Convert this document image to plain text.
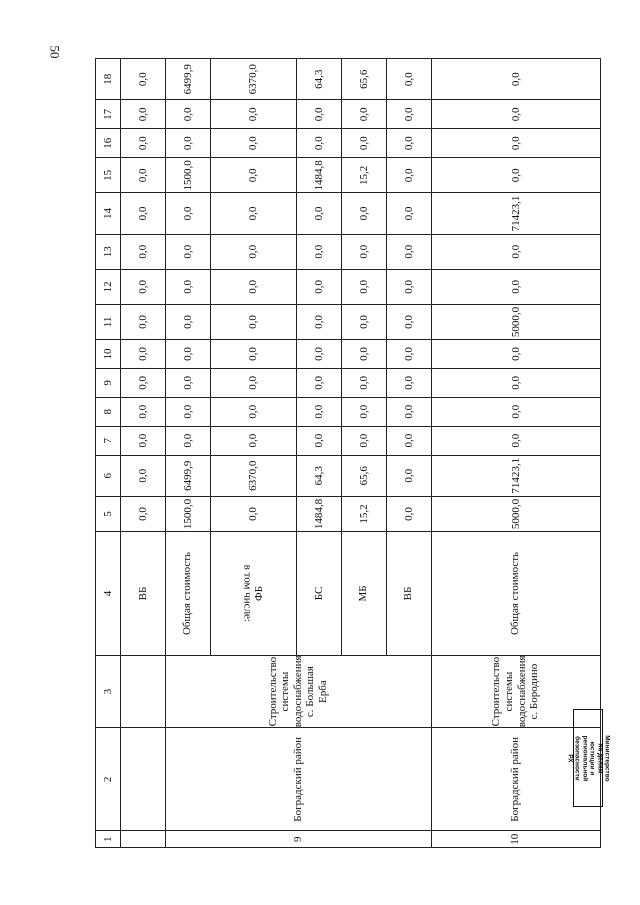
50
1	2	3	4	5	6	7	8	9	10	11	12	13	14	15	16	17	18
			ВБ	0,0	0,0	0,0	0,0	0,0	0,0	0,0	0,0	0,0	0,0	0,0	0,0	0,0	0,0
9	Боградский район	Строительство системы водоснабжения с. Большая Ерба	Общая стоимость	1500,0	6499,9	0,0	0,0	0,0	0,0	0,0	0,0	0,0	0,0	1500,0	0,0	0,0	6499,9
			в том числе: ФБ	0,0	6370,0	0,0	0,0	0,0	0,0	0,0	0,0	0,0	0,0	0,0	0,0	0,0	6370,0
			БС	1484,8	64,3	0,0	0,0	0,0	0,0	0,0	0,0	0,0	0,0	1484,8	0,0	0,0	64,3
			МБ	15,2	65,6	0,0	0,0	0,0	0,0	0,0	0,0	0,0	0,0	15,2	0,0	0,0	65,6
			ВБ	0,0	0,0	0,0	0,0	0,0	0,0	0,0	0,0	0,0	0,0	0,0	0,0	0,0	0,0
10	Боградский район	Строительство системы водоснабжения с. Бородино	Общая стоимость	5000,0	71423,1	0,0	0,0	0,0	0,0	5000,0	0,0	0,0	71423,1	0,0	0,0	0,0	0,0
Министерство по делам юстиции и региональной безопасности РХ
